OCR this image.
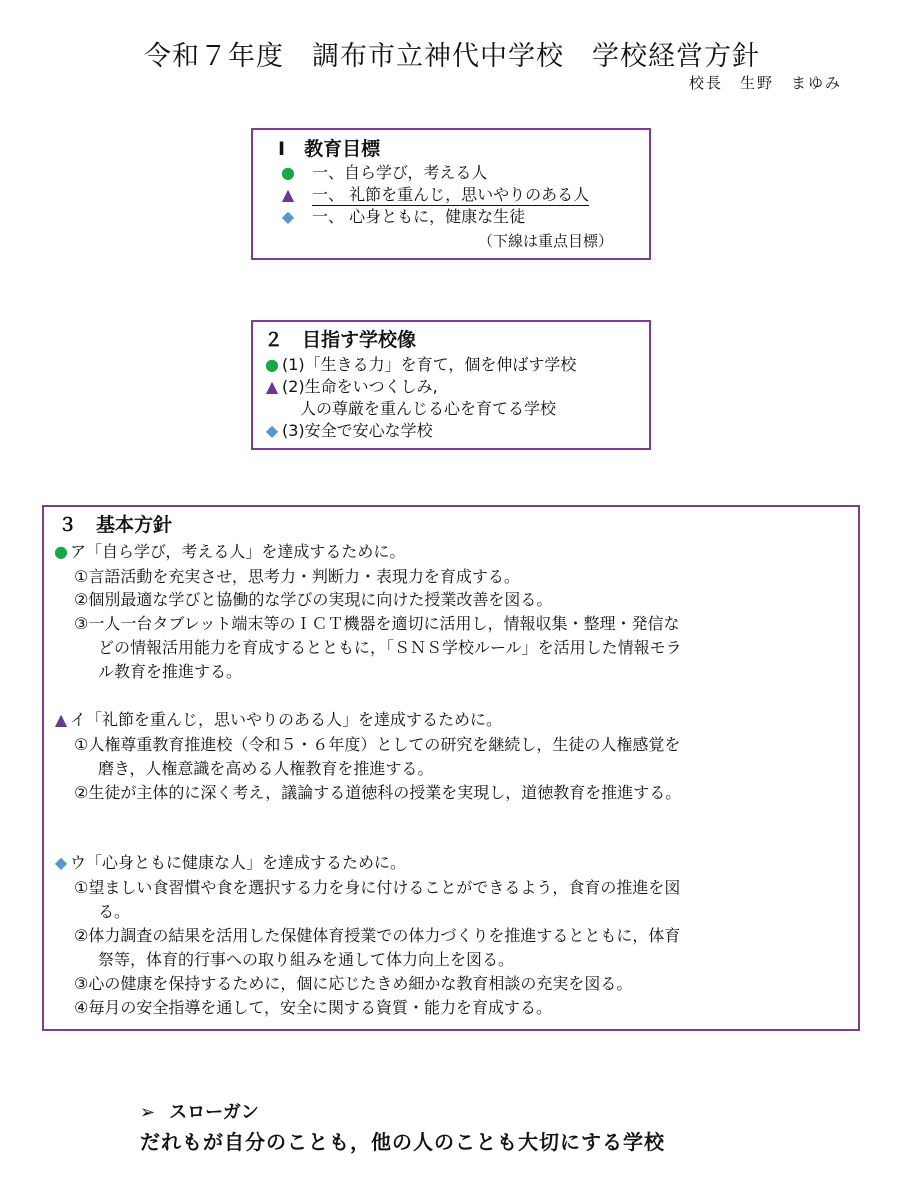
令和７年度　調布市立神代中学校　学校経営方針
校長　生野　まゆみ
Ⅰ　教育目標
● 一、自ら学び，考える人
▲ 一、 礼節を重んじ，思いやりのある人
◆ 一、 心身ともに，健康な生徒
（下線は重点目標）
２　目指す学校像
● (1)「生きる力」を育て，個を伸ばす学校
▲ (2)生命をいつくしみ,
人の尊厳を重んじる心を育てる学校
◆ (3)安全で安心な学校
３　基本方針
● ア「自ら学び，考える人」を達成するために。
①言語活動を充実させ，思考力・判断力・表現力を育成する。
②個別最適な学びと協働的な学びの実現に向けた授業改善を図る。
③一人一台タブレット端末等のＩＣＴ機器を適切に活用し，情報収集・整理・発信な
どの情報活用能力を育成するとともに，「ＳＮＳ学校ルール」を活用した情報モラ
ル教育を推進する。
▲ イ「礼節を重んじ，思いやりのある人」を達成するために。
①人権尊重教育推進校（令和５・６年度）としての研究を継続し，生徒の人権感覚を
磨き，人権意識を高める人権教育を推進する。
②生徒が主体的に深く考え，議論する道徳科の授業を実現し，道徳教育を推進する。
◆ ウ「心身ともに健康な人」を達成するために。
①望ましい食習慣や食を選択する力を身に付けることができるよう，食育の推進を図
る。
②体力調査の結果を活用した保健体育授業での体力づくりを推進するとともに，体育
祭等，体育的行事への取り組みを通して体力向上を図る。
③心の健康を保持するために，個に応じたきめ細かな教育相談の充実を図る。
④毎月の安全指導を通して，安全に関する資質・能力を育成する。
➢ スローガン
だれもが自分のことも，他の人のことも大切にする学校
